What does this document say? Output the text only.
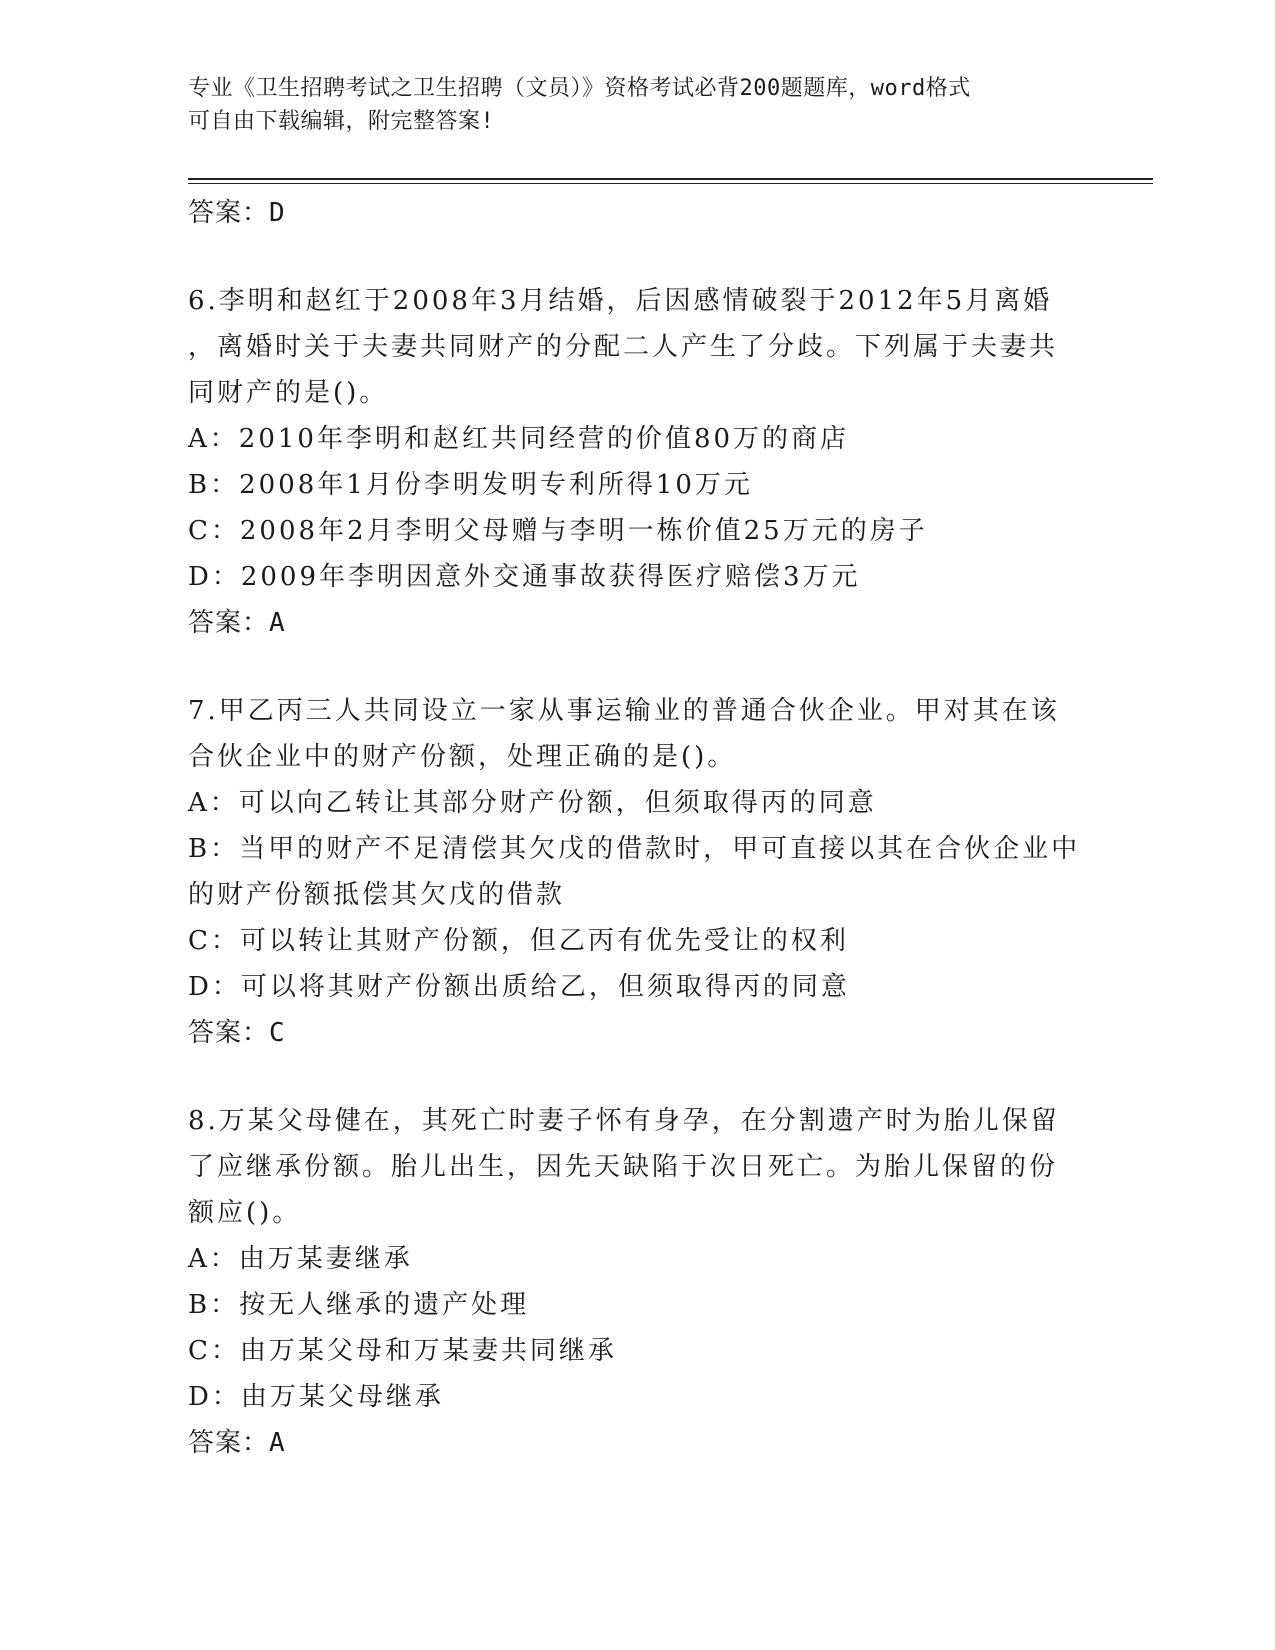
专业《卫生招聘考试之卫生招聘（文员）》资格考试必背200题题库，word格式
可自由下载编辑，附完整答案!
答案：D
6.李明和赵红于2008年3月结婚，后因感情破裂于2012年5月离婚
，离婚时关于夫妻共同财产的分配二人产生了分歧。下列属于夫妻共
同财产的是()。
A：2010年李明和赵红共同经营的价值80万的商店
B：2008年1月份李明发明专利所得10万元
C：2008年2月李明父母赠与李明一栋价值25万元的房子
D：2009年李明因意外交通事故获得医疗赔偿3万元
答案：A
7.甲乙丙三人共同设立一家从事运输业的普通合伙企业。甲对其在该
合伙企业中的财产份额，处理正确的是()。
A：可以向乙转让其部分财产份额，但须取得丙的同意
B：当甲的财产不足清偿其欠戊的借款时，甲可直接以其在合伙企业中
的财产份额抵偿其欠戊的借款
C：可以转让其财产份额，但乙丙有优先受让的权利
D：可以将其财产份额出质给乙，但须取得丙的同意
答案：C
8.万某父母健在，其死亡时妻子怀有身孕，在分割遗产时为胎儿保留
了应继承份额。胎儿出生，因先天缺陷于次日死亡。为胎儿保留的份
额应()。
A：由万某妻继承
B：按无人继承的遗产处理
C：由万某父母和万某妻共同继承
D：由万某父母继承
答案：A
